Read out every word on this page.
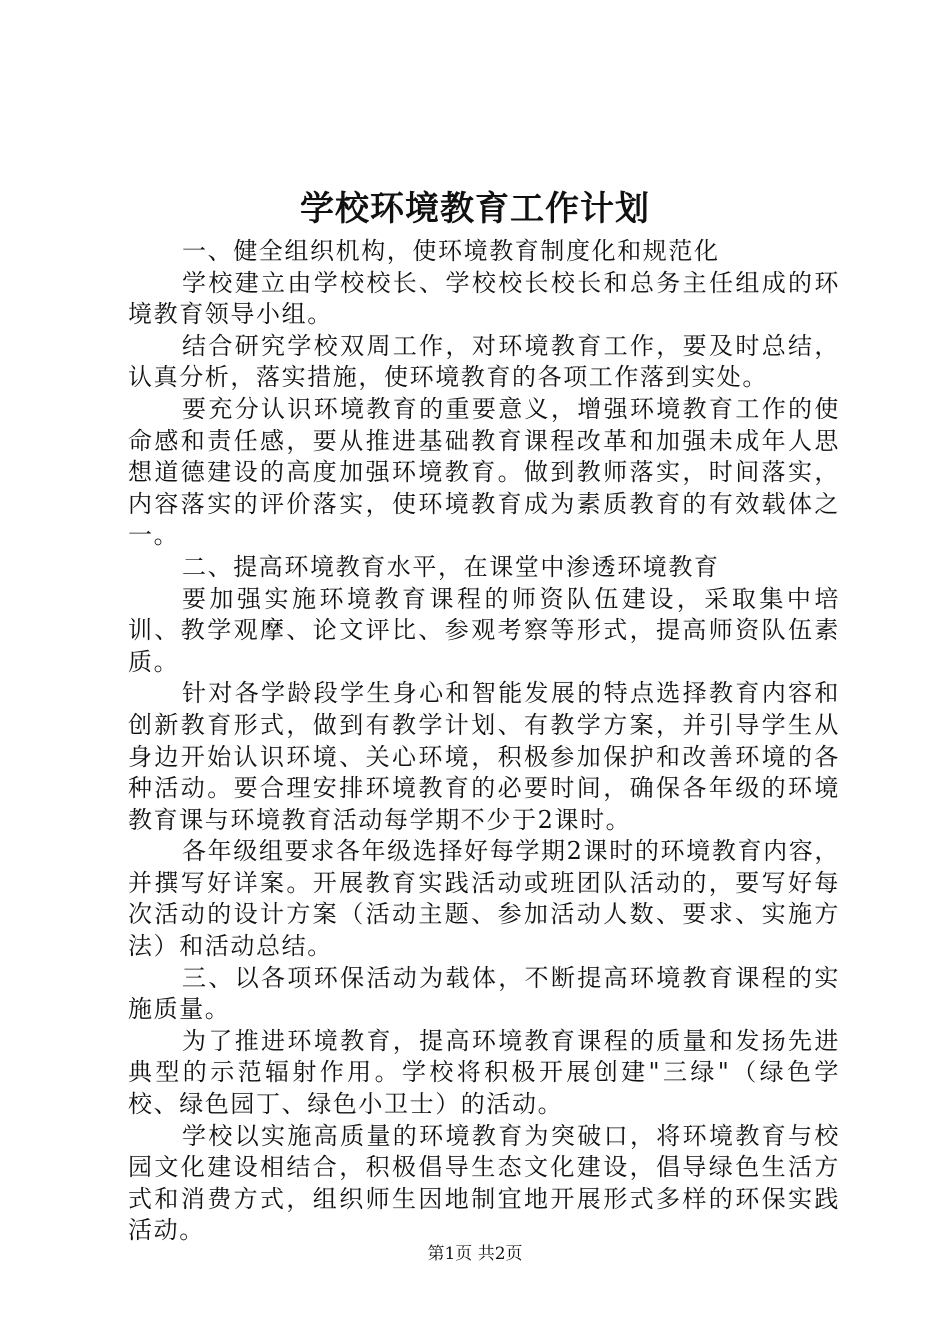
学校环境教育工作计划

一、健全组织机构，使环境教育制度化和规范化

学校建立由学校校长、学校校长校长和总务主任组成的环境教育领导小组。

结合研究学校双周工作，对环境教育工作，要及时总结，认真分析，落实措施，使环境教育的各项工作落到实处。

要充分认识环境教育的重要意义，增强环境教育工作的使命感和责任感，要从推进基础教育课程改革和加强未成年人思想道德建设的高度加强环境教育。做到教师落实，时间落实，内容落实的评价落实，使环境教育成为素质教育的有效载体之一。

二、提高环境教育水平，在课堂中渗透环境教育

要加强实施环境教育课程的师资队伍建设，采取集中培训、教学观摩、论文评比、参观考察等形式，提高师资队伍素质。

针对各学龄段学生身心和智能发展的特点选择教育内容和创新教育形式，做到有教学计划、有教学方案，并引导学生从身边开始认识环境、关心环境，积极参加保护和改善环境的各种活动。要合理安排环境教育的必要时间，确保各年级的环境教育课与环境教育活动每学期不少于2课时。

各年级组要求各年级选择好每学期2课时的环境教育内容，并撰写好详案。开展教育实践活动或班团队活动的，要写好每次活动的设计方案（活动主题、参加活动人数、要求、实施方法）和活动总结。

三、以各项环保活动为载体，不断提高环境教育课程的实施质量。

为了推进环境教育，提高环境教育课程的质量和发扬先进典型的示范辐射作用。学校将积极开展创建"三绿"（绿色学校、绿色园丁、绿色小卫士）的活动。

学校以实施高质量的环境教育为突破口，将环境教育与校园文化建设相结合，积极倡导生态文化建设，倡导绿色生活方式和消费方式，组织师生因地制宜地开展形式多样的环保实践活动。

第1页 共2页
